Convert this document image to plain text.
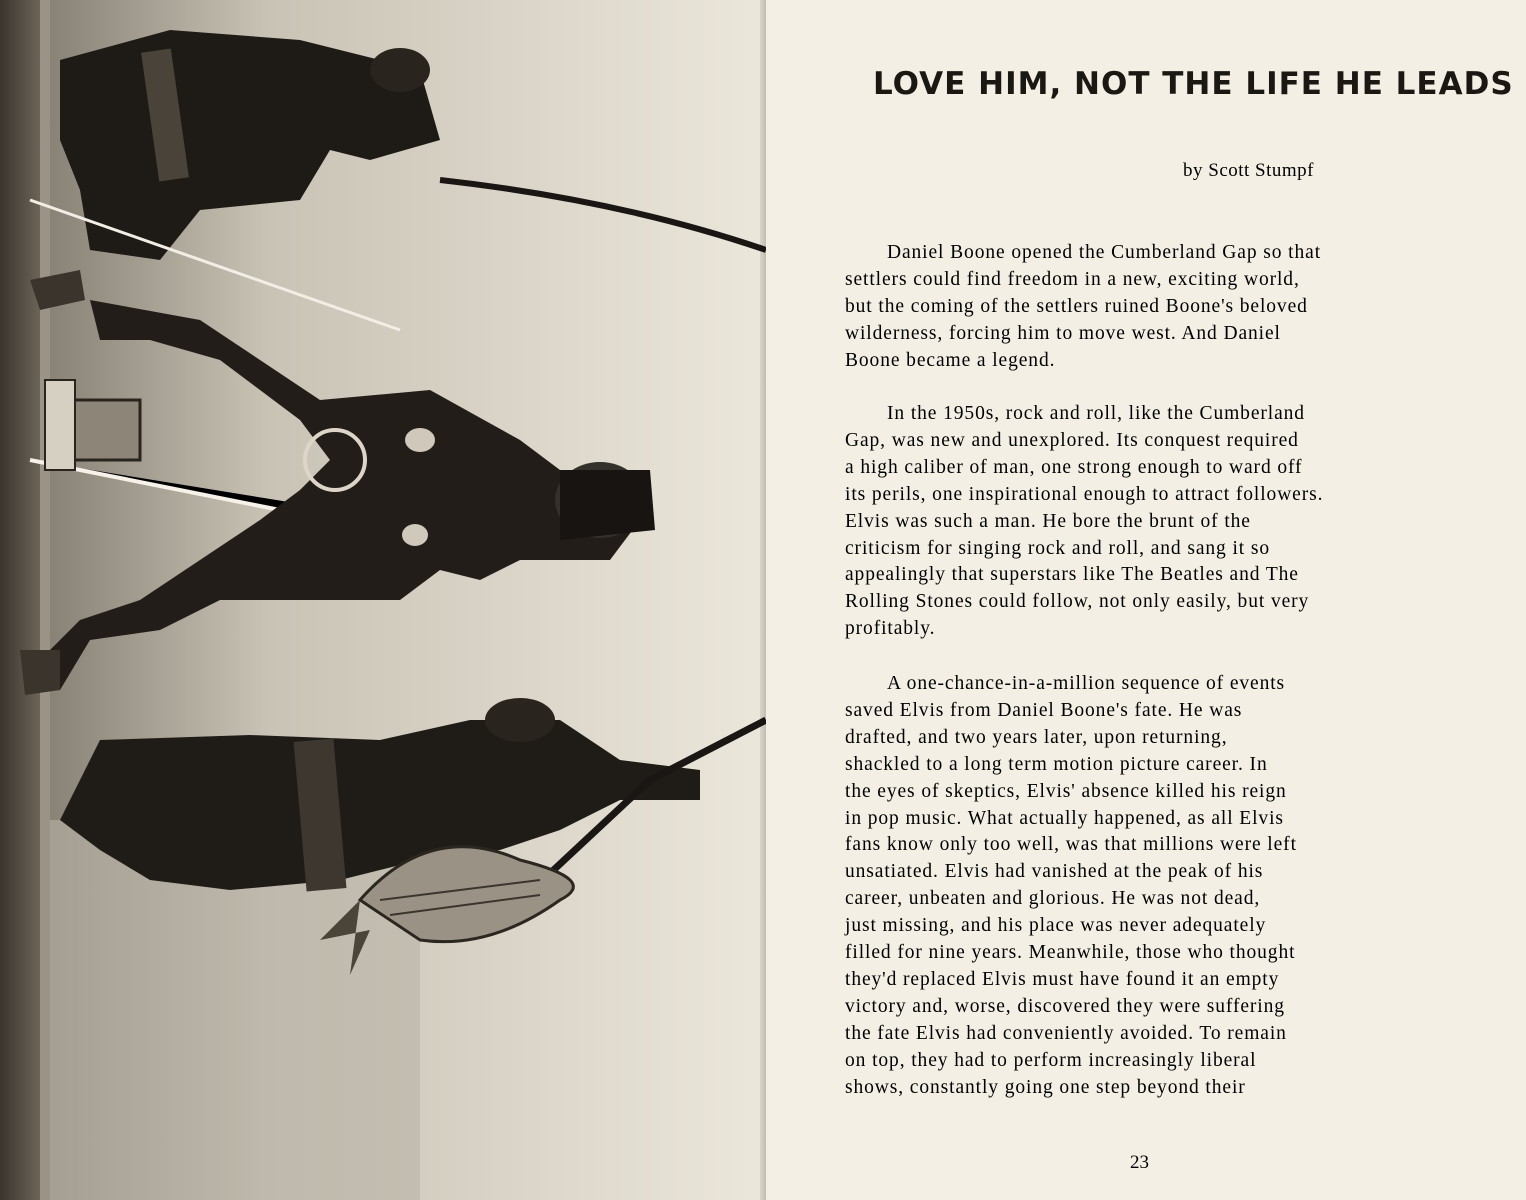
LOVE HIM, NOT THE LIFE HE LEADS

by Scott Stumpf

Daniel Boone opened the Cumberland Gap so that
settlers could find freedom in a new, exciting world,
but the coming of the settlers ruined Boone's beloved
wilderness, forcing him to move west. And Daniel
Boone became a legend.
In the 1950s, rock and roll, like the Cumberland
Gap, was new and unexplored. Its conquest required
a high caliber of man, one strong enough to ward off
its perils, one inspirational enough to attract followers.
Elvis was such a man. He bore the brunt of the
criticism for singing rock and roll, and sang it so
appealingly that superstars like The Beatles and The
Rolling Stones could follow, not only easily, but very
profitably.
A one-chance-in-a-million sequence of events
saved Elvis from Daniel Boone's fate. He was
drafted, and two years later, upon returning,
shackled to a long term motion picture career. In
the eyes of skeptics, Elvis' absence killed his reign
in pop music. What actually happened, as all Elvis
fans know only too well, was that millions were left
unsatiated. Elvis had vanished at the peak of his
career, unbeaten and glorious. He was not dead,
just missing, and his place was never adequately
filled for nine years. Meanwhile, those who thought
they'd replaced Elvis must have found it an empty
victory and, worse, discovered they were suffering
the fate Elvis had conveniently avoided. To remain
on top, they had to perform increasingly liberal
shows, constantly going one step beyond their

23
